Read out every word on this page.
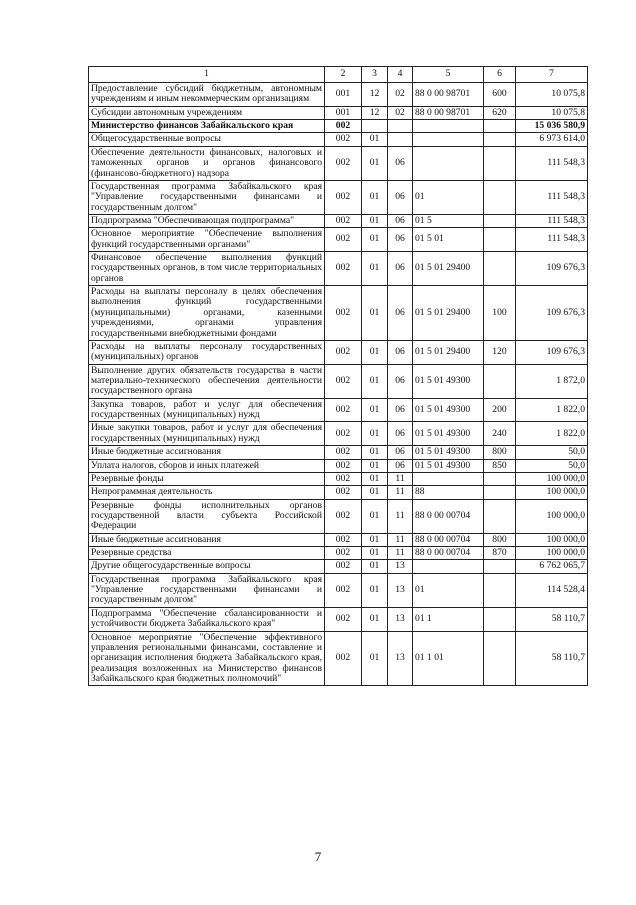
1	2	3	4	5	6	7
Предоставление субсидий бюджетным, автономным учреждениям и иным некоммерческим организациям	001	12	02	88 0 00 98701	600	10 075,8
Субсидии автономным учреждениям	001	12	02	88 0 00 98701	620	10 075,8
Министерство финансов Забайкальского края	002					15 036 580,9
Общегосударственные вопросы	002	01				6 973 614,0
Обеспечение деятельности финансовых, налоговых и таможенных органов и органов финансового (финансово-бюджетного) надзора	002	01	06			111 548,3
Государственная программа Забайкальского края "Управление государственными финансами и государственным долгом"	002	01	06	01		111 548,3
Подпрограмма "Обеспечивающая подпрограмма"	002	01	06	01 5		111 548,3
Основное мероприятие "Обеспечение выполнения функций государственными органами"	002	01	06	01 5 01		111 548,3
Финансовое обеспечение выполнения функций государственных органов, в том числе территориальных органов	002	01	06	01 5 01 29400		109 676,3
Расходы на выплаты персоналу в целях обеспечения выполнения функций государственными (муниципальными) органами, казенными учреждениями, органами управления государственными внебюджетными фондами	002	01	06	01 5 01 29400	100	109 676,3
Расходы на выплаты персоналу государственных (муниципальных) органов	002	01	06	01 5 01 29400	120	109 676,3
Выполнение других обязательств государства в части материально-технического обеспечения деятельности государственного органа	002	01	06	01 5 01 49300		1 872,0
Закупка товаров, работ и услуг для обеспечения государственных (муниципальных) нужд	002	01	06	01 5 01 49300	200	1 822,0
Иные закупки товаров, работ и услуг для обеспечения государственных (муниципальных) нужд	002	01	06	01 5 01 49300	240	1 822,0
Иные бюджетные ассигнования	002	01	06	01 5 01 49300	800	50,0
Уплата налогов, сборов и иных платежей	002	01	06	01 5 01 49300	850	50,0
Резервные фонды	002	01	11			100 000,0
Непрограммная деятельность	002	01	11	88		100 000,0
Резервные фонды исполнительных органов государственной власти субъекта Российской Федерации	002	01	11	88 0 00 00704		100 000,0
Иные бюджетные ассигнования	002	01	11	88 0 00 00704	800	100 000,0
Резервные средства	002	01	11	88 0 00 00704	870	100 000,0
Другие общегосударственные вопросы	002	01	13			6 762 065,7
Государственная программа Забайкальского края "Управление государственными финансами и государственным долгом"	002	01	13	01		114 528,4
Подпрограмма "Обеспечение сбалансированности и устойчивости бюджета Забайкальского края"	002	01	13	01 1		58 110,7
Основное мероприятие "Обеспечение эффективного управления региональными финансами, составление и организация исполнения бюджета Забайкальского края, реализация возложенных на Министерство финансов Забайкальского края бюджетных полномочий"	002	01	13	01 1 01		58 110,7
7
